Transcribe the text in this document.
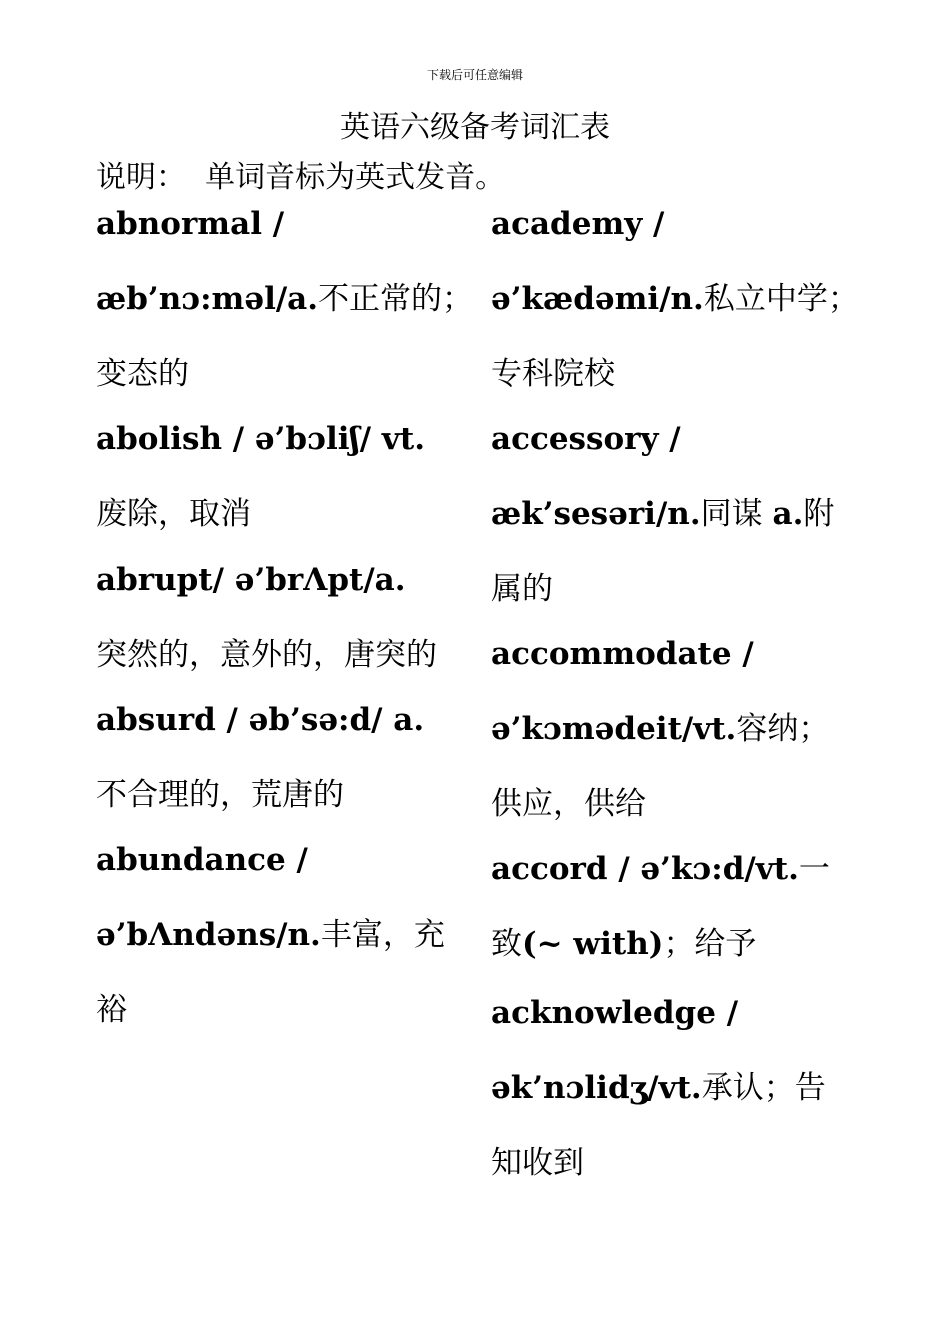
下载后可任意编辑
英语六级备考词汇表
说明：  单词音标为英式发音。
abnormal /
æb’nɔ:məl/a.不正常的；
变态的
abolish / ə’bɔliʃ/ vt.
废除，取消
abrupt/ ə’brΛpt/a.
突然的，意外的，唐突的
absurd / əb’sə:d/ a.
不合理的，荒唐的
abundance /
ə’bΛndəns/n.丰富，充
裕
academy /
ə’kædəmi/n.私立中学；
专科院校
accessory /
æk’sesəri/n.同谋 a.附
属的
accommodate /
ə’kɔmədeit/vt.容纳；
供应，供给
accord / ə’kɔ:d/vt.一
致(~ with)；给予
acknowledge /
ək’nɔlidʒ/vt.承认；告
知收到
